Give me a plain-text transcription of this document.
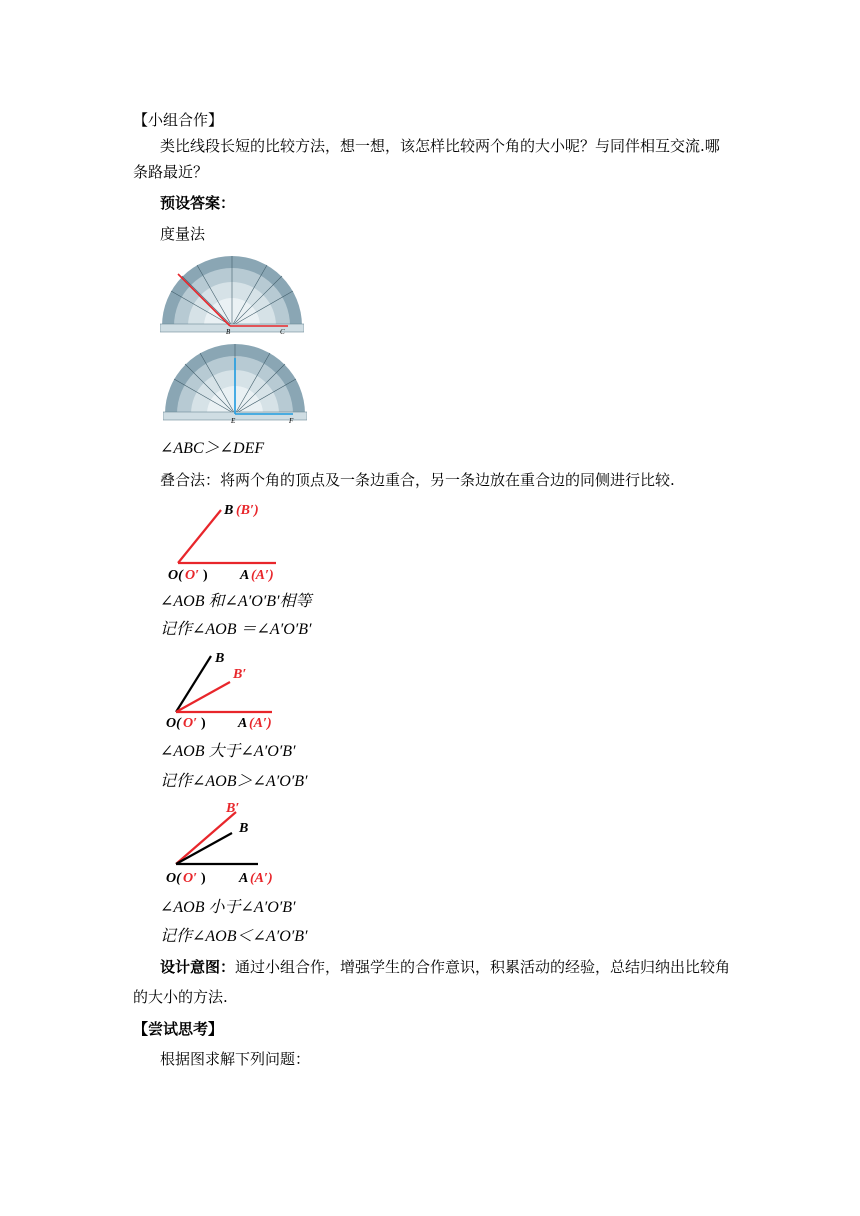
【小组合作】
类比线段长短的比较方法，想一想，该怎样比较两个角的大小呢？与同伴相互交流.哪
条路最近？
预设答案：
度量法
B	C
E	F
∠ABC＞∠DEF
叠合法：将两个角的顶点及一条边重合，另一条边放在重合边的同侧进行比较.
B (B′)
O( O′ ) A (A′)
∠AOB 和∠A′O′B′相等
记作∠AOB ＝∠A′O′B′
B
B′
O( O′ ) A (A′)
∠AOB 大于∠A′O′B′
记作∠AOB＞∠A′O′B′
B′
B
O( O′ ) A (A′)
∠AOB 小于∠A′O′B′
记作∠AOB＜∠A′O′B′
设计意图：通过小组合作，增强学生的合作意识，积累活动的经验，总结归纳出比较角
的大小的方法.
【尝试思考】
根据图求解下列问题：
